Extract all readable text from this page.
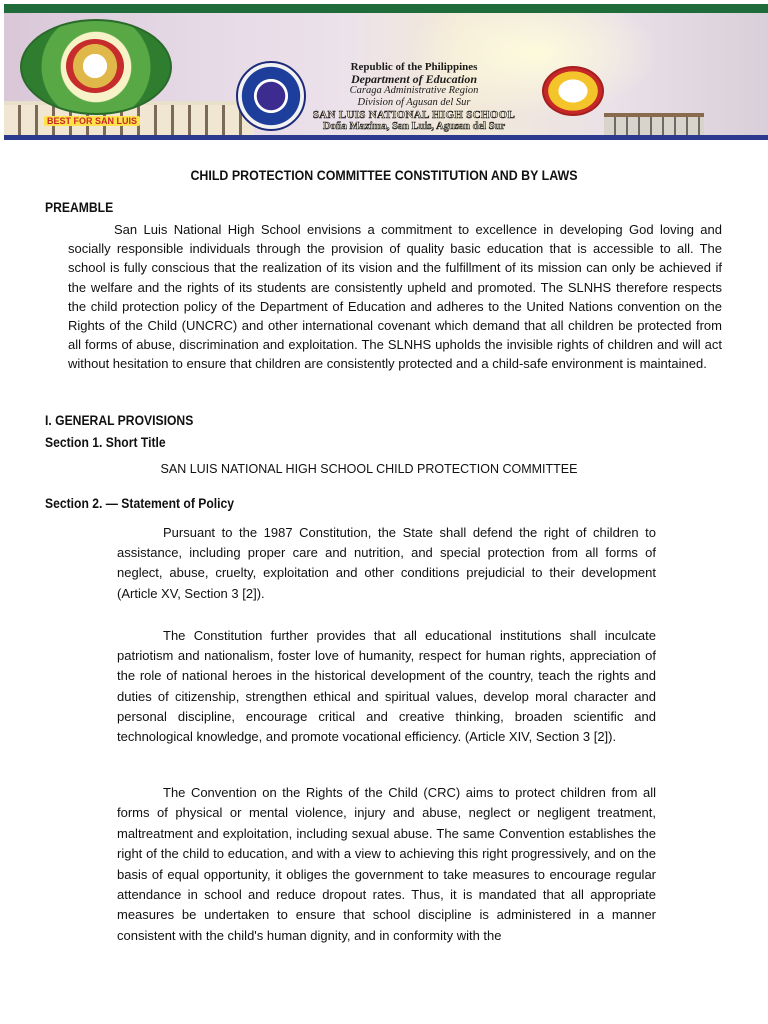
BEST FOR SAN LUIS
Republic of the Philippines
Department of Education
Caraga Administrative Region
Division of Agusan del Sur
SAN LUIS NATIONAL HIGH SCHOOL
Doña Maxima, San Luis, Agusan del Sur
CHILD PROTECTION COMMITTEE CONSTITUTION AND BY LAWS
PREAMBLE

San Luis National High School envisions a commitment to excellence in developing God loving and socially responsible individuals through the provision of quality basic education that is accessible to all. The school is fully conscious that the realization of its vision and the fulfillment of its mission can only be achieved if the welfare and the rights of its students are consistently upheld and promoted. The SLNHS therefore respects the child protection policy of the Department of Education and adheres to the United Nations convention on the Rights of the Child (UNCRC) and other international covenant which demand that all children be protected from all forms of abuse, discrimination and exploitation. The SLNHS upholds the invisible rights of children and will act without hesitation to ensure that children are consistently protected and a child-safe environment is maintained.

I. GENERAL PROVISIONS
Section 1. Short Title
SAN LUIS NATIONAL HIGH SCHOOL CHILD PROTECTION COMMITTEE
Section 2. — Statement of Policy

Pursuant to the 1987 Constitution, the State shall defend the right of children to assistance, including proper care and nutrition, and special protection from all forms of neglect, abuse, cruelty, exploitation and other conditions prejudicial to their development (Article XV, Section 3 [2]).

The Constitution further provides that all educational institutions shall inculcate patriotism and nationalism, foster love of humanity, respect for human rights, appreciation of the role of national heroes in the historical development of the country, teach the rights and duties of citizenship, strengthen ethical and spiritual values, develop moral character and personal discipline, encourage critical and creative thinking, broaden scientific and technological knowledge, and promote vocational efficiency. (Article XIV, Section 3 [2]).

The Convention on the Rights of the Child (CRC) aims to protect children from all forms of physical or mental violence, injury and abuse, neglect or negligent treatment, maltreatment and exploitation, including sexual abuse. The same Convention establishes the right of the child to education, and with a view to achieving this right progressively, and on the basis of equal opportunity, it obliges the government to take measures to encourage regular attendance in school and reduce dropout rates. Thus, it is mandated that all appropriate measures be undertaken to ensure that school discipline is administered in a manner consistent with the child's human dignity, and in conformity with the
